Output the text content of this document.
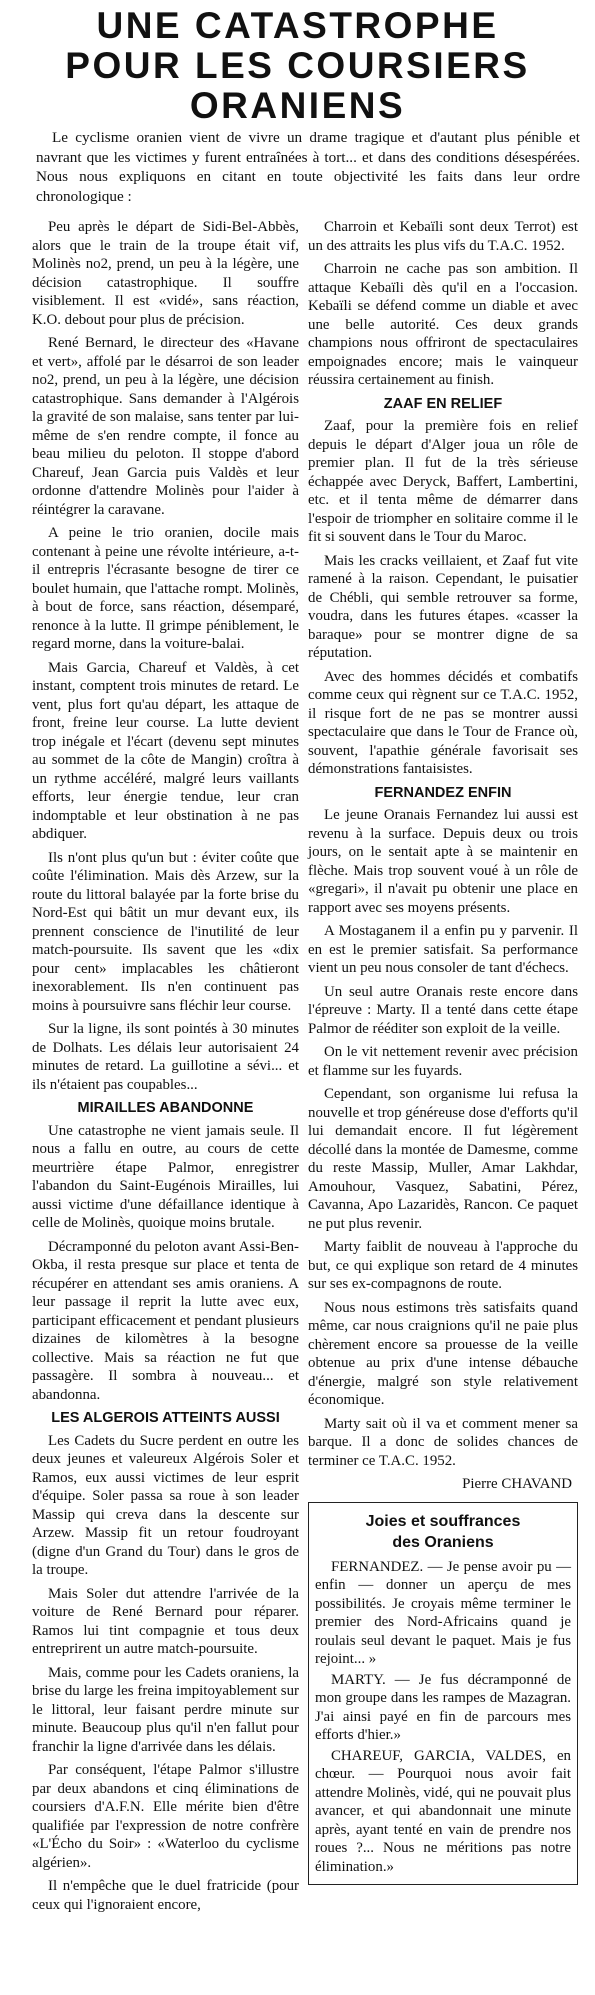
UNE CATASTROPHE
POUR LES COURSIERS
ORANIENS

Le cyclisme oranien vient de vivre un drame tragique et d'autant plus pénible et navrant que les victimes y furent entraînées à tort... et dans des conditions désespérées. Nous nous expliquons en citant en toute objectivité les faits dans leur ordre chronologique :

Peu après le départ de Sidi-Bel-Abbès, alors que le train de la troupe était vif, Molinès no2, prend, un peu à la légère, une décision catastrophique. Il souffre visiblement. Il est «vidé», sans réaction, K.O. debout pour plus de précision.

René Bernard, le directeur des «Havane et vert», affolé par le désarroi de son leader no2, prend, un peu à la légère, une décision catastrophique. Sans demander à l'Algérois la gravité de son malaise, sans tenter par lui-même de s'en rendre compte, il fonce au beau milieu du peloton. Il stoppe d'abord Chareuf, Jean Garcia puis Valdès et leur ordonne d'attendre Molinès pour l'aider à réintégrer la caravane.

A peine le trio oranien, docile mais contenant à peine une révolte intérieure, a-t-il entrepris l'écrasante besogne de tirer ce boulet humain, que l'attache rompt. Molinès, à bout de force, sans réaction, désemparé, renonce à la lutte. Il grimpe péniblement, le regard morne, dans la voiture-balai.

Mais Garcia, Chareuf et Valdès, à cet instant, comptent trois minutes de retard. Le vent, plus fort qu'au départ, les attaque de front, freine leur course. La lutte devient trop inégale et l'écart (devenu sept minutes au sommet de la côte de Mangin) croîtra à un rythme accéléré, malgré leurs vaillants efforts, leur énergie tendue, leur cran indomptable et leur obstination à ne pas abdiquer.

Ils n'ont plus qu'un but : éviter coûte que coûte l'élimination. Mais dès Arzew, sur la route du littoral balayée par la forte brise du Nord-Est qui bâtit un mur devant eux, ils prennent conscience de l'inutilité de leur match-poursuite. Ils savent que les «dix pour cent» implacables les châtieront inexorablement. Ils n'en continuent pas moins à poursuivre sans fléchir leur course.

Sur la ligne, ils sont pointés à 30 minutes de Dolhats. Les délais leur autorisaient 24 minutes de retard. La guillotine a sévi... et ils n'étaient pas coupables...

MIRAILLES ABANDONNE

Une catastrophe ne vient jamais seule. Il nous a fallu en outre, au cours de cette meurtrière étape Palmor, enregistrer l'abandon du Saint-Eugénois Mirailles, lui aussi victime d'une défaillance identique à celle de Molinès, quoique moins brutale.

Décramponné du peloton avant Assi-Ben-Okba, il resta presque sur place et tenta de récupérer en attendant ses amis oraniens. A leur passage il reprit la lutte avec eux, participant efficacement et pendant plusieurs dizaines de kilomètres à la besogne collective. Mais sa réaction ne fut que passagère. Il sombra à nouveau... et abandonna.

LES ALGEROIS ATTEINTS AUSSI

Les Cadets du Sucre perdent en outre les deux jeunes et valeureux Algérois Soler et Ramos, eux aussi victimes de leur esprit d'équipe. Soler passa sa roue à son leader Massip qui creva dans la descente sur Arzew. Massip fit un retour foudroyant (digne d'un Grand du Tour) dans le gros de la troupe.

Mais Soler dut attendre l'arrivée de la voiture de René Bernard pour réparer. Ramos lui tint compagnie et tous deux entreprirent un autre match-poursuite.

Mais, comme pour les Cadets oraniens, la brise du large les freina impitoyablement sur le littoral, leur faisant perdre minute sur minute. Beaucoup plus qu'il n'en fallut pour franchir la ligne d'arrivée dans les délais.

Par conséquent, l'étape Palmor s'illustre par deux abandons et cinq éliminations de coursiers d'A.F.N. Elle mérite bien d'être qualifiée par l'expression de notre confrère «L'Écho du Soir» : «Waterloo du cyclisme algérien».

Il n'empêche que le duel fratricide (pour ceux qui l'ignoraient encore,

Charroin et Kebaïli sont deux Terrot) est un des attraits les plus vifs du T.A.C. 1952.

Charroin ne cache pas son ambition. Il attaque Kebaïli dès qu'il en a l'occasion. Kebaïli se défend comme un diable et avec une belle autorité. Ces deux grands champions nous offriront de spectaculaires empoignades encore; mais le vainqueur réussira certainement au finish.

ZAAF EN RELIEF

Zaaf, pour la première fois en relief depuis le départ d'Alger joua un rôle de premier plan. Il fut de la très sérieuse échappée avec Deryck, Baffert, Lambertini, etc. et il tenta même de démarrer dans l'espoir de triompher en solitaire comme il le fit si souvent dans le Tour du Maroc.

Mais les cracks veillaient, et Zaaf fut vite ramené à la raison. Cependant, le puisatier de Chébli, qui semble retrouver sa forme, voudra, dans les futures étapes. «casser la baraque» pour se montrer digne de sa réputation.

Avec des hommes décidés et combatifs comme ceux qui règnent sur ce T.A.C. 1952, il risque fort de ne pas se montrer aussi spectaculaire que dans le Tour de France où, souvent, l'apathie générale favorisait ses démonstrations fantaisistes.

FERNANDEZ ENFIN

Le jeune Oranais Fernandez lui aussi est revenu à la surface. Depuis deux ou trois jours, on le sentait apte à se maintenir en flèche. Mais trop souvent voué à un rôle de «gregari», il n'avait pu obtenir une place en rapport avec ses moyens présents.

A Mostaganem il a enfin pu y parvenir. Il en est le premier satisfait. Sa performance vient un peu nous consoler de tant d'échecs.

Un seul autre Oranais reste encore dans l'épreuve : Marty. Il a tenté dans cette étape Palmor de rééditer son exploit de la veille.

On le vit nettement revenir avec précision et flamme sur les fuyards.

Cependant, son organisme lui refusa la nouvelle et trop généreuse dose d'efforts qu'il lui demandait encore. Il fut légèrement décollé dans la montée de Damesme, comme du reste Massip, Muller, Amar Lakhdar, Amouhour, Vasquez, Sabatini, Pérez, Cavanna, Apo Lazaridès, Rancon. Ce paquet ne put plus revenir.

Marty faiblit de nouveau à l'approche du but, ce qui explique son retard de 4 minutes sur ses ex-compagnons de route.

Nous nous estimons très satisfaits quand même, car nous craignions qu'il ne paie plus chèrement encore sa prouesse de la veille obtenue au prix d'une intense débauche d'énergie, malgré son style relativement économique.

Marty sait où il va et comment mener sa barque. Il a donc de solides chances de terminer ce T.A.C. 1952.

Pierre CHAVAND

Joies et souffrances
des Oraniens

FERNANDEZ. — Je pense avoir pu — enfin — donner un aperçu de mes possibilités. Je croyais même terminer le premier des Nord-Africains quand je roulais seul devant le paquet. Mais je fus rejoint... »

MARTY. — Je fus décramponné de mon groupe dans les rampes de Mazagran. J'ai ainsi payé en fin de parcours mes efforts d'hier.»

CHAREUF, GARCIA, VALDES, en chœur. — Pourquoi nous avoir fait attendre Molinès, vidé, qui ne pouvait plus avancer, et qui abandonnait une minute après, ayant tenté en vain de prendre nos roues ?... Nous ne méritions pas notre élimination.»
